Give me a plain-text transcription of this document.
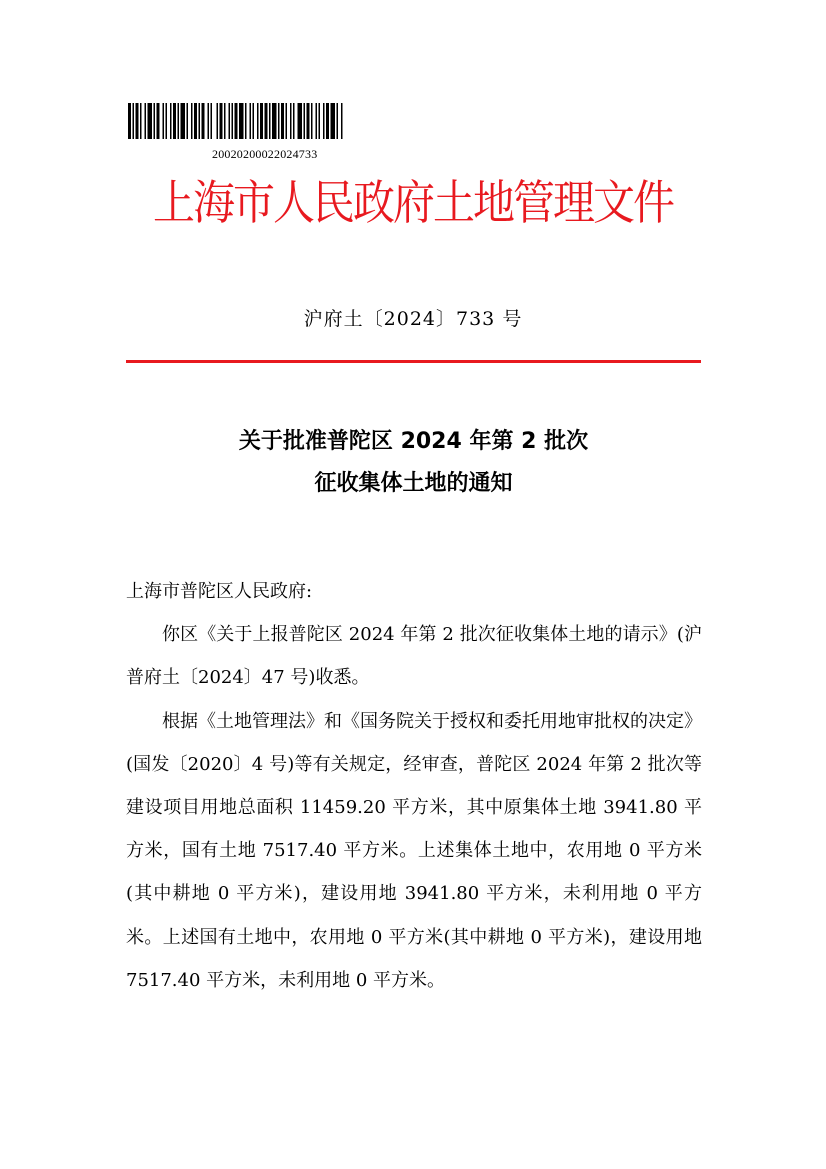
20020200022024733
上海市人民政府土地管理文件
沪府土〔2024〕733 号
关于批准普陀区 2024 年第 2 批次
征收集体土地的通知

上海市普陀区人民政府:

你区《关于上报普陀区 2024 年第 2 批次征收集体土地的请示》(沪普府土〔2024〕47 号)收悉。

根据《土地管理法》和《国务院关于授权和委托用地审批权的决定》(国发〔2020〕4 号)等有关规定，经审查，普陀区 2024 年第 2 批次等建设项目用地总面积 11459.20 平方米，其中原集体土地 3941.80 平方米，国有土地 7517.40 平方米。上述集体土地中，农用地 0 平方米(其中耕地 0 平方米)，建设用地 3941.80 平方米，未利用地 0 平方米。上述国有土地中，农用地 0 平方米(其中耕地 0 平方米)，建设用地 7517.40 平方米，未利用地 0 平方米。
